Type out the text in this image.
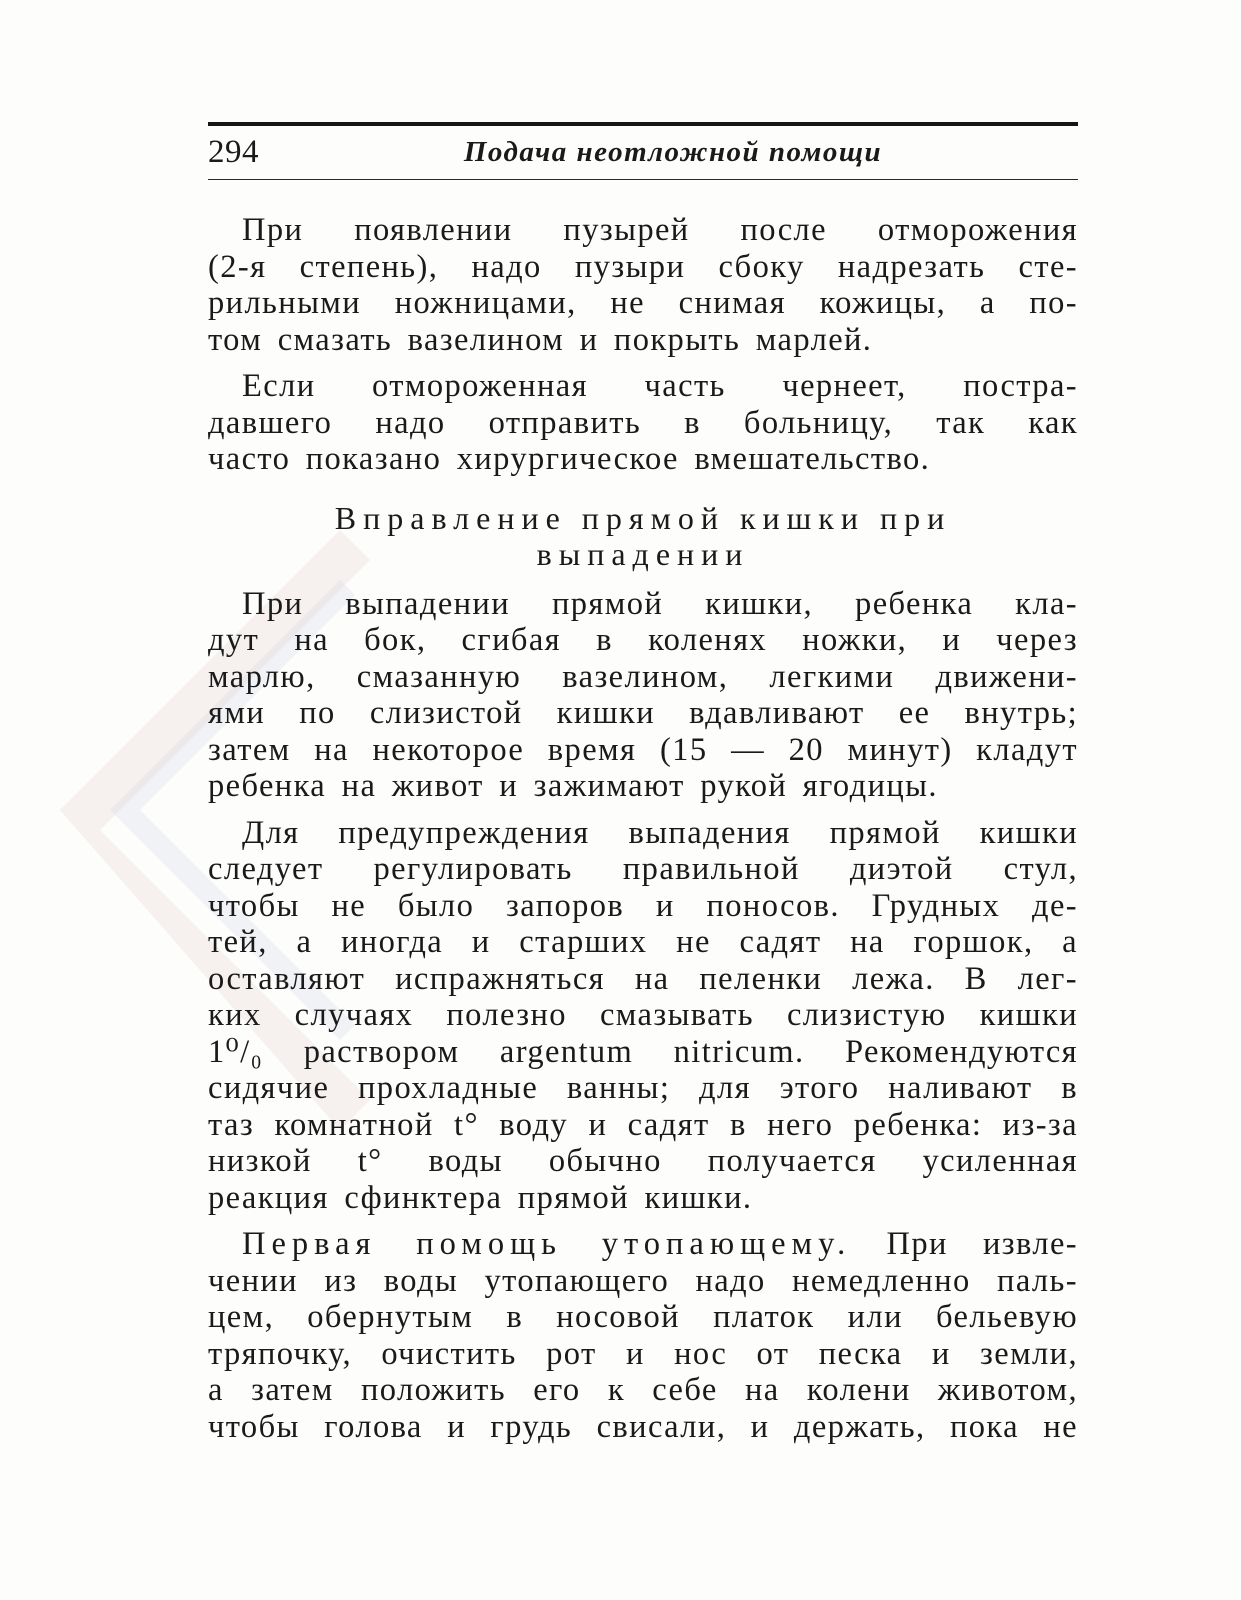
294	Подача неотложной помощи

При появлении пузырей после отморожения
(2-я степень), надо пузыри сбоку надрезать сте-
рильными ножницами, не снимая кожицы, а по-
том смазать вазелином и покрыть марлей.

Если отмороженная часть чернеет, постра-
давшего надо отправить в больницу, так как
часто показано хирургическое вмешательство.

Вправление прямой кишки при
выпадении

При выпадении прямой кишки, ребенка кла-
дут на бок, сгибая в коленях ножки, и через
марлю, смазанную вазелином, легкими движени-
ями по слизистой кишки вдавливают ее внутрь;
затем на некоторое время (15 — 20 минут) кладут
ребенка на живот и зажимают рукой ягодицы.

Для предупреждения выпадения прямой кишки
следует регулировать правильной диэтой стул,
чтобы не было запоров и поносов. Грудных де-
тей, а иногда и старших не садят на горшок, а
оставляют испражняться на пеленки лежа. В лег-
ких случаях полезно смазывать слизистую кишки
1⁰/₀ раствором argentum nitricum. Рекомендуются
сидячие прохладные ванны; для этого наливают в
таз комнатной t° воду и садят в него ребенка: из-за
низкой t° воды обычно получается усиленная
реакция сфинктера прямой кишки.

Первая помощь утопающему. При извле-
чении из воды утопающего надо немедленно паль-
цем, обернутым в носовой платок или бельевую
тряпочку, очистить рот и нос от песка и земли,
а затем положить его к себе на колени животом,
чтобы голова и грудь свисали, и держать, пока не
